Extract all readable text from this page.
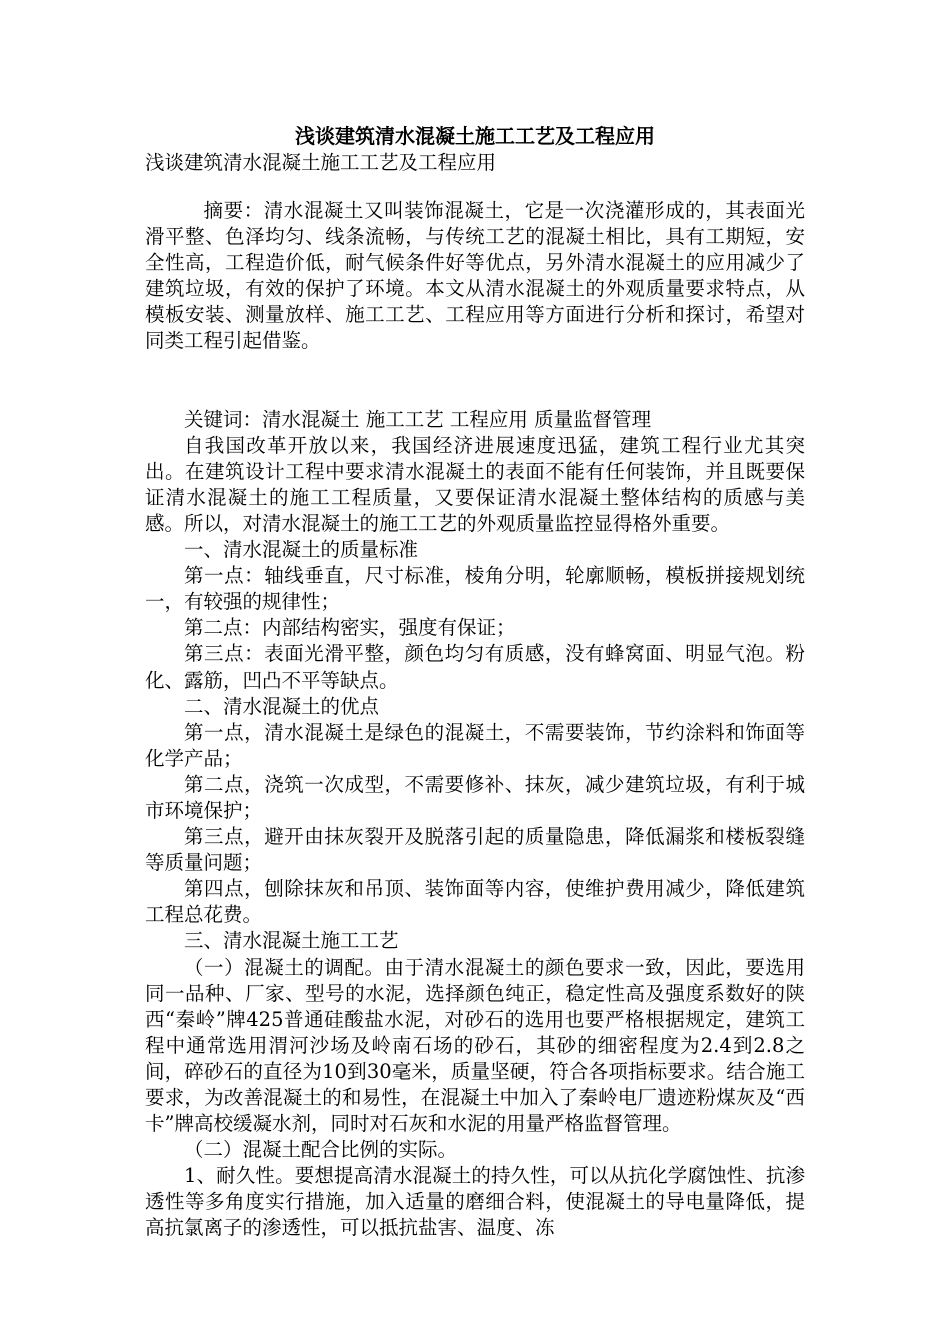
浅谈建筑清水混凝土施工工艺及工程应用
浅谈建筑清水混凝土施工工艺及工程应用

摘要：清水混凝土又叫装饰混凝土，它是一次浇灌形成的，其表面光滑平整、色泽均匀、线条流畅，与传统工艺的混凝土相比，具有工期短，安全性高，工程造价低，耐气候条件好等优点，另外清水混凝土的应用减少了建筑垃圾，有效的保护了环境。本文从清水混凝土的外观质量要求特点，从模板安装、测量放样、施工工艺、工程应用等方面进行分析和探讨，希望对同类工程引起借鉴。

关键词：清水混凝土 施工工艺 工程应用 质量监督管理

自我国改革开放以来，我国经济进展速度迅猛，建筑工程行业尤其突出。在建筑设计工程中要求清水混凝土的表面不能有任何装饰，并且既要保证清水混凝土的施工工程质量，又要保证清水混凝土整体结构的质感与美感。所以，对清水混凝土的施工工艺的外观质量监控显得格外重要。

一、清水混凝土的质量标准

第一点：轴线垂直，尺寸标准，棱角分明，轮廓顺畅，模板拼接规划统一，有较强的规律性；

第二点：内部结构密实，强度有保证；

第三点：表面光滑平整，颜色均匀有质感，没有蜂窝面、明显气泡。粉化、露筋，凹凸不平等缺点。

二、清水混凝土的优点

第一点，清水混凝土是绿色的混凝土，不需要装饰，节约涂料和饰面等化学产品；

第二点，浇筑一次成型，不需要修补、抹灰，减少建筑垃圾，有利于城市环境保护；

第三点，避开由抹灰裂开及脱落引起的质量隐患，降低漏浆和楼板裂缝等质量问题；

第四点，刨除抹灰和吊顶、装饰面等内容，使维护费用减少，降低建筑工程总花费。

三、清水混凝土施工工艺

（一）混凝土的调配。由于清水混凝土的颜色要求一致，因此，要选用同一品种、厂家、型号的水泥，选择颜色纯正，稳定性高及强度系数好的陕西“秦岭”牌425普通硅酸盐水泥，对砂石的选用也要严格根据规定，建筑工程中通常选用渭河沙场及岭南石场的砂石，其砂的细密程度为2.4到2.8之间，碎砂石的直径为10到30毫米，质量坚硬，符合各项指标要求。结合施工要求，为改善混凝土的和易性，在混凝土中加入了秦岭电厂遗迹粉煤灰及“西卡”牌高校缓凝水剂，同时对石灰和水泥的用量严格监督管理。

（二）混凝土配合比例的实际。

1、耐久性。要想提高清水混凝土的持久性，可以从抗化学腐蚀性、抗渗透性等多角度实行措施，加入适量的磨细合料，使混凝土的导电量降低，提高抗氯离子的渗透性，可以抵抗盐害、温度、冻
